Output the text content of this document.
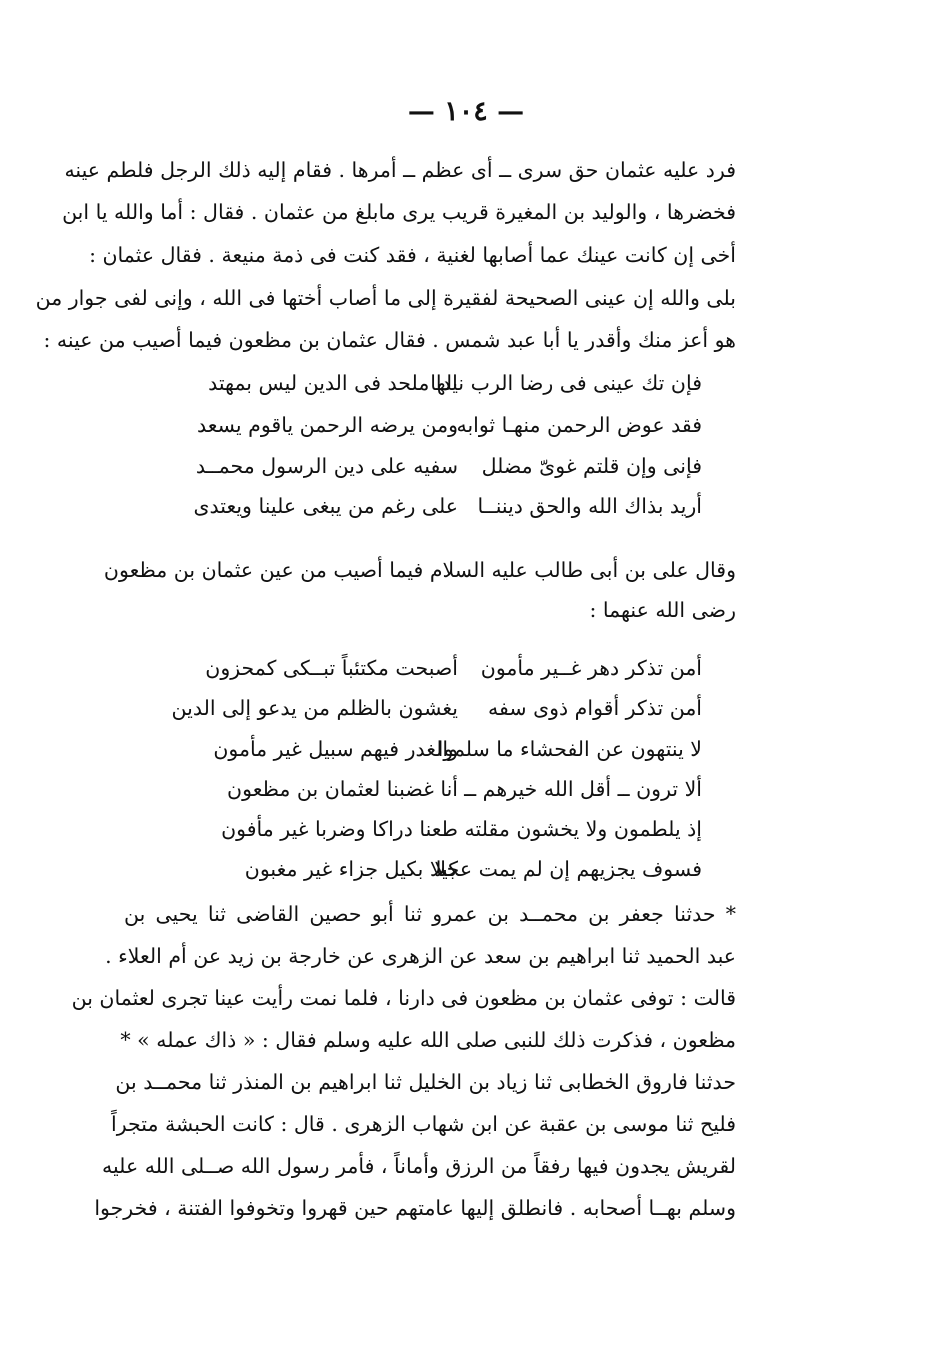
— ١٠٤ —

فرد عليه عثمان حق سرى ــ أى عظم ــ أمرها . فقام إليه ذلك الرجل فلطم عينه

فخضرها ، والوليد بن المغيرة قريب يرى مابلغ من عثمان . فقال : أما والله يا ابن

أخى إن كانت عينك عما أصابها لغنية ، فقد كنت فى ذمة منيعة . فقال عثمان :

بلى والله إن عينى الصحيحة لفقيرة إلى ما أصاب أختها فى الله ، وإنى لفى جوار من

هو أعز منك وأقدر يا أبا عبد شمس . فقال عثمان بن مظعون فيما أصيب من عينه :

فإن تك عينى فى رضا الرب نالها
يدا ملحد فى الدين ليس بمهتد
فقد عوض الرحمن منهـا ثوابه
ومن يرضه الرحمن ياقوم يسعد
فإنى وإن قلتم غوىّ مضلل
سفيه على دين الرسول محمــد
أريد بذاك الله والحق ديننــا
على رغم من يبغى علينا ويعتدى

وقال على بن أبى طالب عليه السلام فيما أصيب من عين عثمان بن مظعون

رضى الله عنهما :

أمن تذكر دهر غــير مأمون
أصبحت مكتئباً تبــكى كمحزون
أمن تذكر أقوام ذوى سفه
يغشون بالظلم من يدعو إلى الدين
لا ينتهون عن الفحشاء ما سلموا
والغدر فيهم سبيل غير مأمون
ألا ترون ــ أقل الله خيرهم ــ
أنا غضبنا لعثمان بن مظعون
إذ يلطمون ولا يخشون مقلته
طعنا دراكا وضربا غير مأفون
فسوف يجزيهم إن لم يمت عجلا
كيلا بكيل جزاء غير مغبون

* حدثنا جعفر بن محمــد بن عمرو ثنا أبو حصين القاضى ثنا يحيى بن

عبد الحميد ثنا ابراهيم بن سعد عن الزهرى عن خارجة بن زيد عن أم العلاء .

قالت : توفى عثمان بن مظعون فى دارنا ، فلما نمت رأيت عينا تجرى لعثمان بن

مظعون ، فذكرت ذلك للنبى صلى الله عليه وسلم فقال : « ذاك عمله » *

حدثنا فاروق الخطابى ثنا زياد بن الخليل ثنا ابراهيم بن المنذر ثنا محمــد بن

فليح ثنا موسى بن عقبة عن ابن شهاب الزهرى . قال : كانت الحبشة متجراً

لقريش يجدون فيها رفقاً من الرزق وأماناً ، فأمر رسول الله صــلى الله عليه

وسلم بهــا أصحابه . فانطلق إليها عامتهم حين قهروا وتخوفوا الفتنة ، فخرجوا
